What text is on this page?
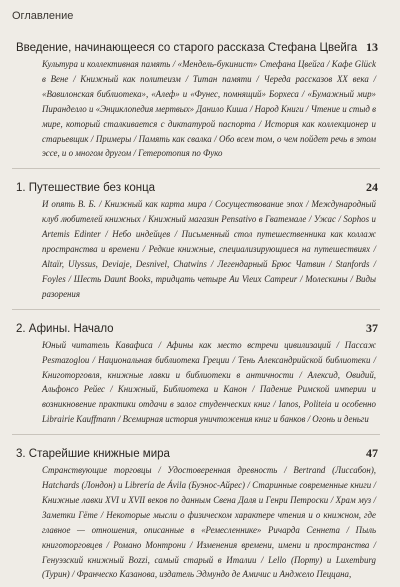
Оглавление
Введение, начинающееся со старого рассказа Стефана Цвейга 13
Культура и коллективная память / «Мендель-букинист» Стефана Цвейга / Кафе Glück в Вене / Книжный как политеизм / Титан памяти / Череда рассказов XX века / «Вавилонская библиотека», «Алеф» и «Фунес, помнящий» Борхеса / «Бумажный мир» Пиранделло и «Энциклопедия мертвых» Данило Киша / Народ Книги / Чтение и стыд в мире, который сталкивается с диктатурой паспорта / История как коллекционер и старьевщик / Примеры / Память как свалка / Обо всем том, о чем пойдет речь в этом эссе, и о многом другом / Гетеротопия по Фуко
1. Путешествие без конца	24
И опять В. Б. / Книжный как карта мира / Сосуществование эпох / Международный клуб любителей книжных / Книжный магазин Pensativo в Гватемале / Ужас / Sophos и Artemis Edinter / Небо индейцев / Письменный стол путешественника как коллаж пространства и времени / Редкие книжные, специализирующиеся на путешествиях / Altaïr, Ulyssus, Deviaje, Desnivel, Chatwins / Легендарный Брюс Чатвин / Stanfords / Foyles / Шесть Daunt Books, тридцать четыре Au Vieux Campeur / Молескины / Виды разорения
2. Афины. Начало	37
Юный читатель Кавафиса / Афины как место встречи цивилизаций / Пассаж Pesmazoglou / Национальная библиотека Греции / Тень Александрийской библиотеки / Книготорговля, книжные лавки и библиотеки в античности / Алексид, Овидий, Альфонсо Рейес / Книжный, Библиотека и Канон / Падение Римской империи и возникновение практики отдачи в залог студенческих книг / Ianos, Politeia и особенно Librairie Kauffmann / Всемирная история уничтожения книг и банков / Огонь и деньги
3. Старейшие книжные мира	47
Странствующие торговцы / Удостоверенная древность / Bertrand (Лиссабон), Hatchards (Лондон) и Librería de Ávila (Буэнос-Айрес) / Старинные современные книги / Книжные лавки XVI и XVII веков по данным Свена Даля и Генри Петроски / Храм муз / Заметки Гёте / Некоторые мысли о физическом характере чтения и о книжном, где главное — отношения, описанные в «Ремесленнике» Ричарда Сеннета / Пыль книготорговцев / Романо Монтрони / Изменения времени, имени и пространства / Генуэзский книжный Bozzi, самый старый в Италии / Lello (Порту) и Luxemburg (Турин) / Франческо Казанова, издатель Эдмундо де Амичис и Анджело Пеццана,
